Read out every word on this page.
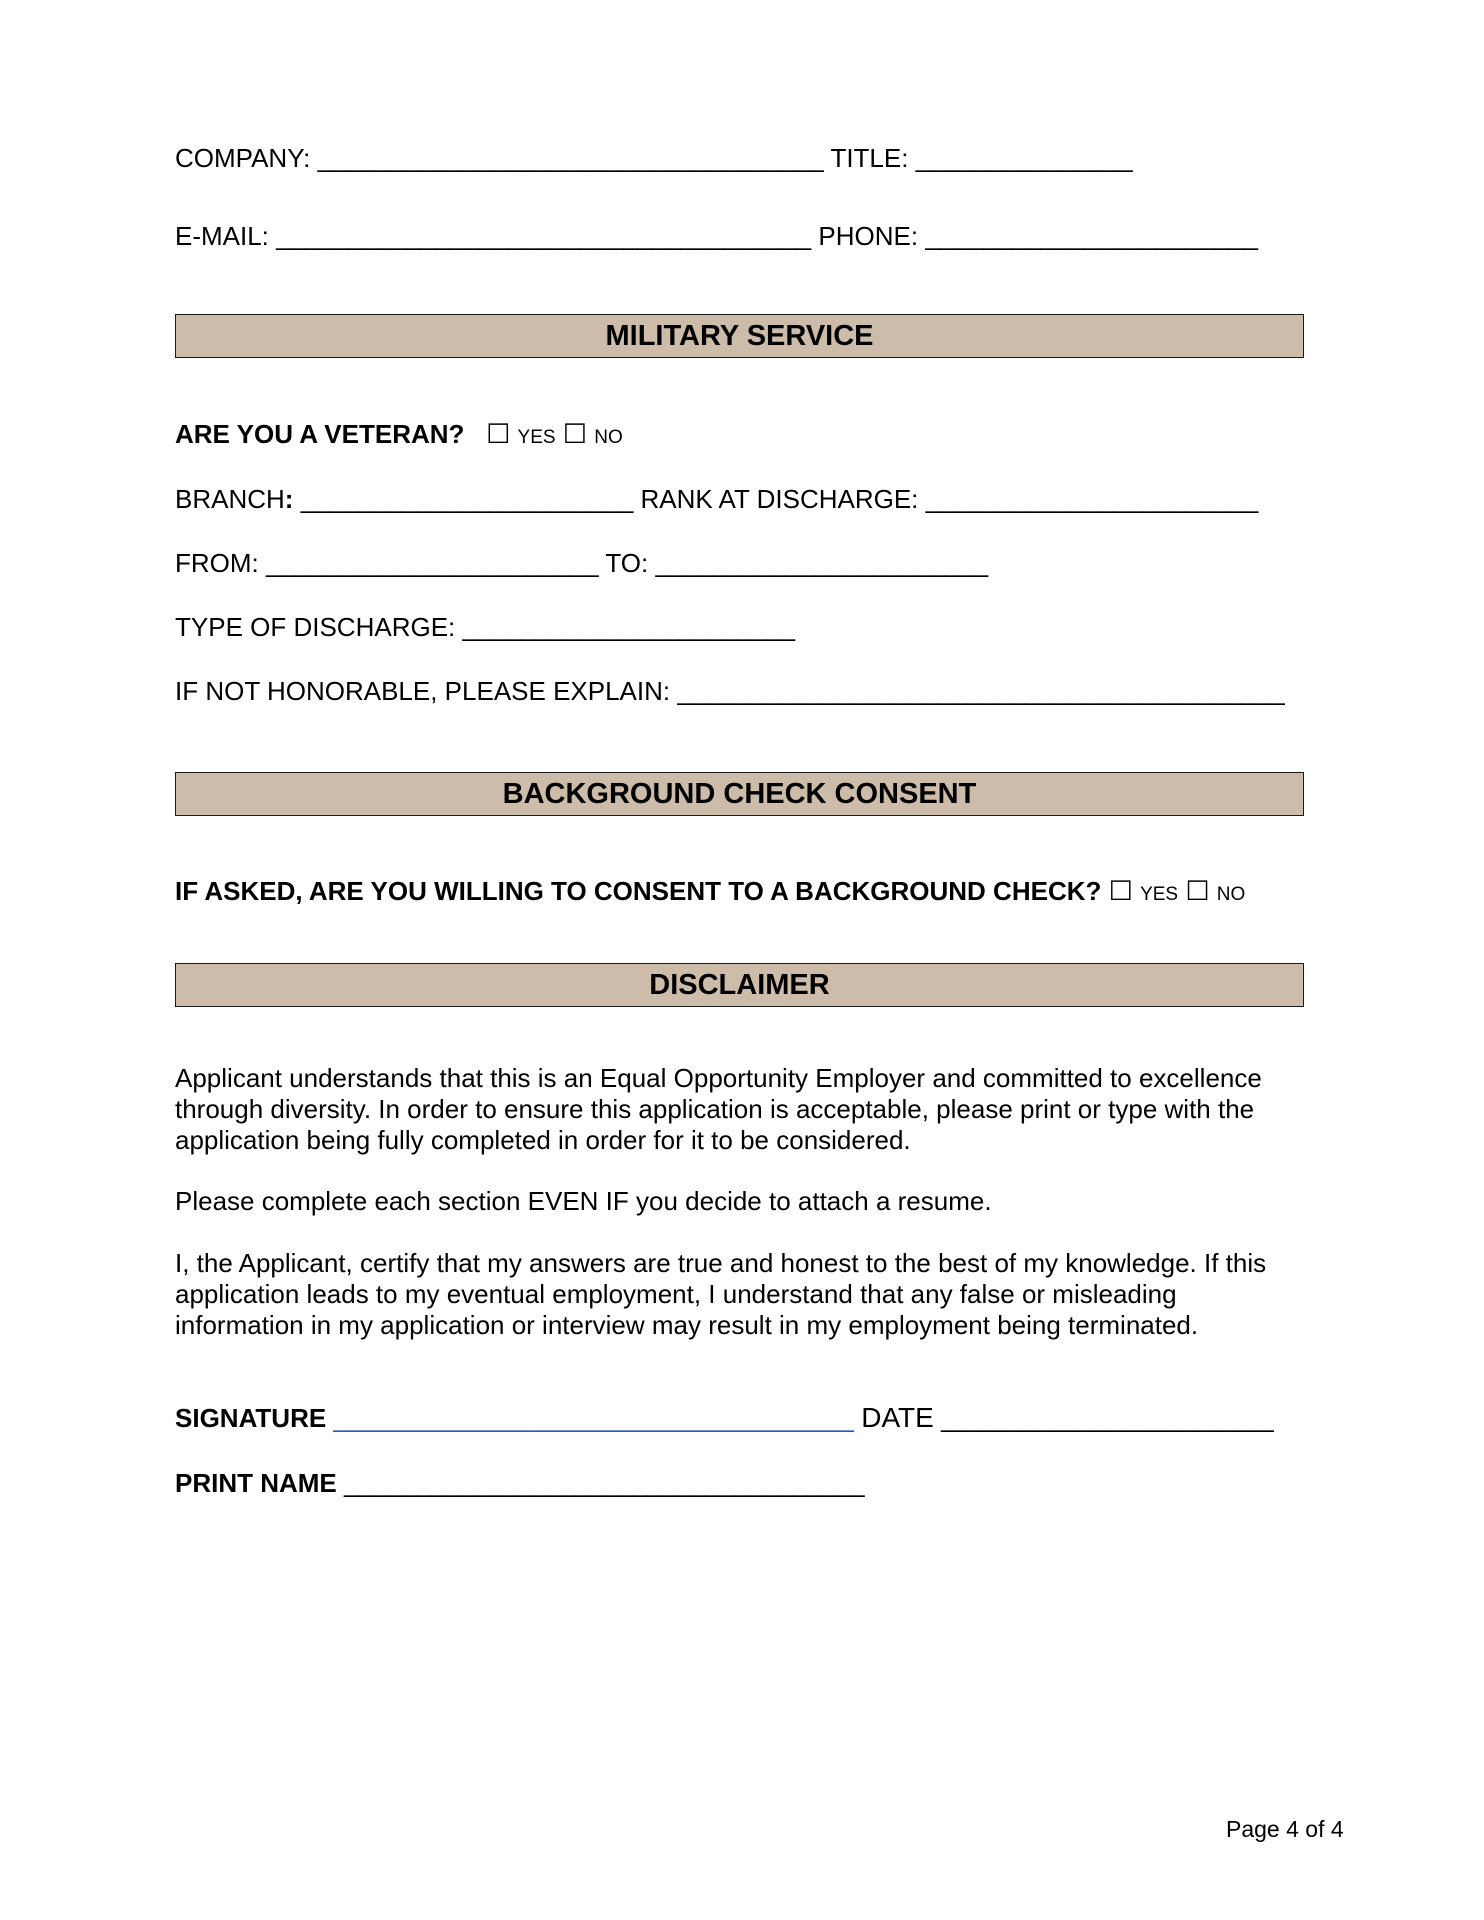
COMPANY: ___________________________________ TITLE: _______________
E-MAIL: _____________________________________ PHONE: _______________________
MILITARY SERVICE
ARE YOU A VETERAN? ☐ YES ☐ NO
BRANCH: _______________________ RANK AT DISCHARGE: _______________________
FROM: _______________________ TO: _______________________
TYPE OF DISCHARGE: _______________________
IF NOT HONORABLE, PLEASE EXPLAIN: __________________________________________
BACKGROUND CHECK CONSENT
IF ASKED, ARE YOU WILLING TO CONSENT TO A BACKGROUND CHECK? ☐ YES ☐ NO
DISCLAIMER
Applicant understands that this is an Equal Opportunity Employer and committed to excellence through diversity. In order to ensure this application is acceptable, please print or type with the application being fully completed in order for it to be considered.
Please complete each section EVEN IF you decide to attach a resume.
I, the Applicant, certify that my answers are true and honest to the best of my knowledge. If this application leads to my eventual employment, I understand that any false or misleading information in my application or interview may result in my employment being terminated.
SIGNATURE ____________________________________ DATE _______________________
PRINT NAME ____________________________________
Page 4 of 4
